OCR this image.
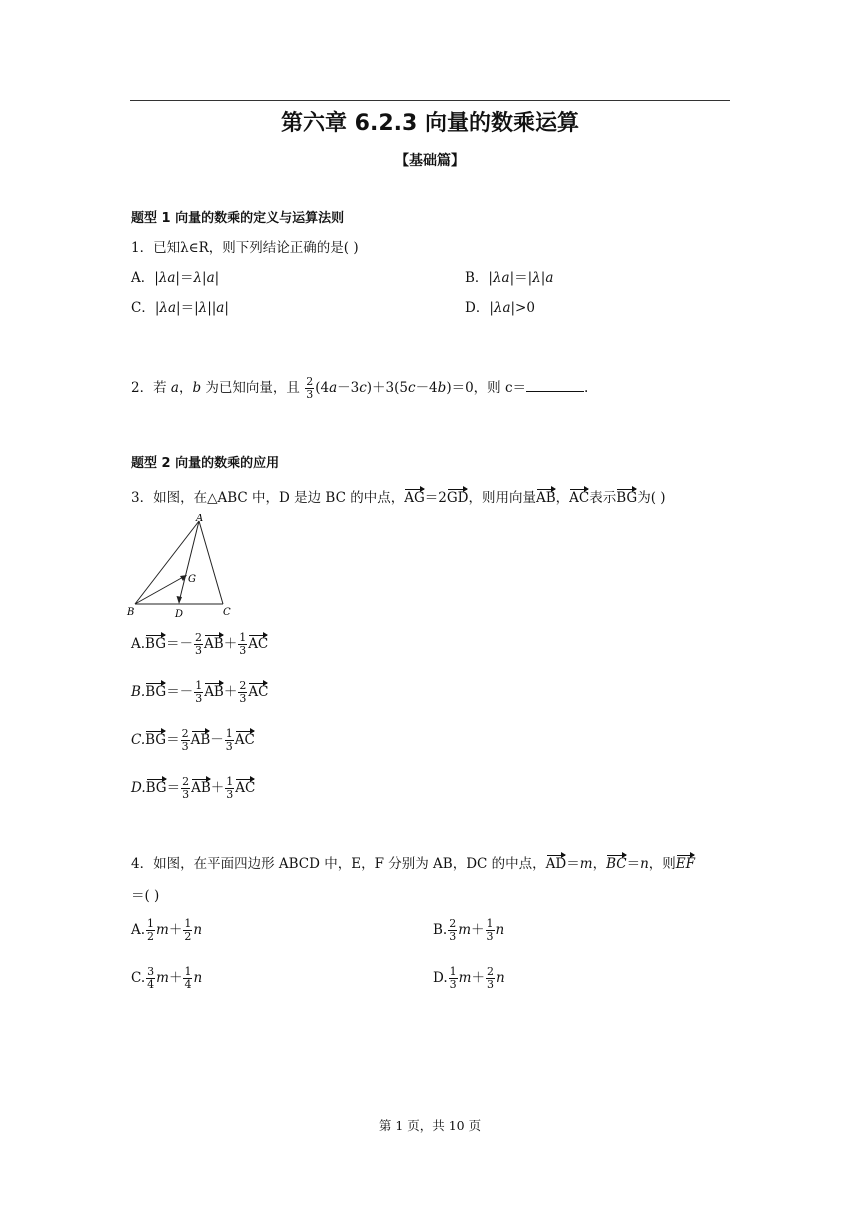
第六章 6.2.3 向量的数乘运算
【基础篇】
题型 1 向量的数乘的定义与运算法则
1．已知λ∈R，则下列结论正确的是( )
A．|λa|＝λ|a|	B．|λa|＝|λ|a
C．|λa|＝|λ||a|	D．|λa|>0
2．若 a，b 为已知向量，且 $\frac{2}{3} (4a-3c)+3(5c-4b)=0$，则 c＝	.
题型 2 向量的数乘的应用
3．如图，在△ABC 中，D 是边 BC 的中点，AG＝2GD，则用向量AB，AC表示BG为( )
A
B	C
D
G
$A.BG=- \frac{2}{3} AB+ \frac{1}{3}$ AC
$B.BG=- \frac{1}{3} AB+ \frac{2}{3}$ AC
$C.BG= \frac{2}{3} AB- \frac{1}{3}$ AC
$D.BG= \frac{2}{3} AB+ \frac{1}{3}$ AC
4．如图，在平面四边形 ABCD 中，E，F 分别为 AB，DC 的中点，AD＝m，BC＝n，则EF
＝( )
A. $\frac{1}{2} m+ \frac{1}{2}$ n	B. $\frac{2}{3} m+ \frac{1}{3}$ n
C. $\frac{3}{4} m+ \frac{1}{4}$ n	D. $\frac{1}{3} m+ \frac{2}{3}$ n
第 1 页，共 10 页
